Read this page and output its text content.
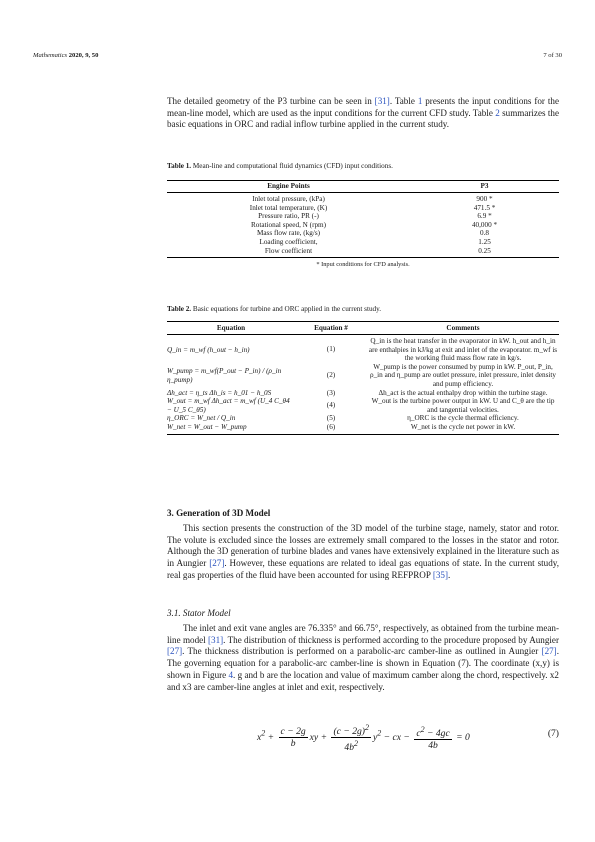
Mathematics 2020, 9, 50	7 of 30

The detailed geometry of the P3 turbine can be seen in [31]. Table 1 presents the input conditions for the mean-line model, which are used as the input conditions for the current CFD study. Table 2 summarizes the basic equations in ORC and radial inflow turbine applied in the current study.

Table 1. Mean-line and computational fluid dynamics (CFD) input conditions.
Engine Points	P3
Inlet total pressure, (kPa)	900 *
Inlet total temperature, (K)	471.5 *
Pressure ratio, PR (-)	6.9 *
Rotational speed, N (rpm)	40,000 *
Mass flow rate, (kg/s)	0.8
Loading coefficient,	1.25
Flow coefficient	0.25
* Input conditions for CFD analysis.
Table 2. Basic equations for turbine and ORC applied in the current study.
Equation	Equation #	Comments
Q_in = m_wf (h_out − h_in)	(1)	Q_in is the heat transfer in the evaporator in kW. h_out and h_in are enthalpies in kJ/kg at exit and inlet of the evaporator. m_wf is the working fluid mass flow rate in kg/s.
W_pump = m_wf(P_out − P_in) / (ρ_in η_pump)	(2)	W_pump is the power consumed by pump in kW. P_out, P_in, ρ_in and η_pump are outlet pressure, inlet pressure, inlet density and pump efficiency.
Δh_act = η_ts Δh_is = h_01 − h_0S	(3)	Δh_act is the actual enthalpy drop within the turbine stage.
W_out = m_wf Δh_act = m_wf (U_4 C_θ4 − U_5 C_θ5)	(4)	W_out is the turbine power output in kW. U and C_θ are the tip and tangential velocities.
η_ORC = W_net / Q_in	(5)	η_ORC is the cycle thermal efficiency.
W_net = W_out − W_pump	(6)	W_net is the cycle net power in kW.

3. Generation of 3D Model

This section presents the construction of the 3D model of the turbine stage, namely, stator and rotor. The volute is excluded since the losses are extremely small compared to the losses in the stator and rotor. Although the 3D generation of turbine blades and vanes have extensively explained in the literature such as in Aungier [27]. However, these equations are related to ideal gas equations of state. In the current study, real gas properties of the fluid have been accounted for using REFPROP [35].

3.1. Stator Model

The inlet and exit vane angles are 76.335° and 66.75°, respectively, as obtained from the turbine mean-line model [31]. The distribution of thickness is performed according to the procedure proposed by Aungier [27]. The thickness distribution is performed on a parabolic-arc camber-line as outlined in Aungier [27]. The governing equation for a parabolic-arc camber-line is shown in Equation (7). The coordinate (x,y) is shown in Figure 4. g and b are the location and value of maximum camber along the chord, respectively. x2 and x3 are camber-line angles at inlet and exit, respectively.

$x^2 + \frac{c - 2g}{b}$ xy + $\frac{(c - 2g)^2}{4b^2} y^2$ − cx − $\frac{c^2 - 4gc}{4b} = 0$	(7)
